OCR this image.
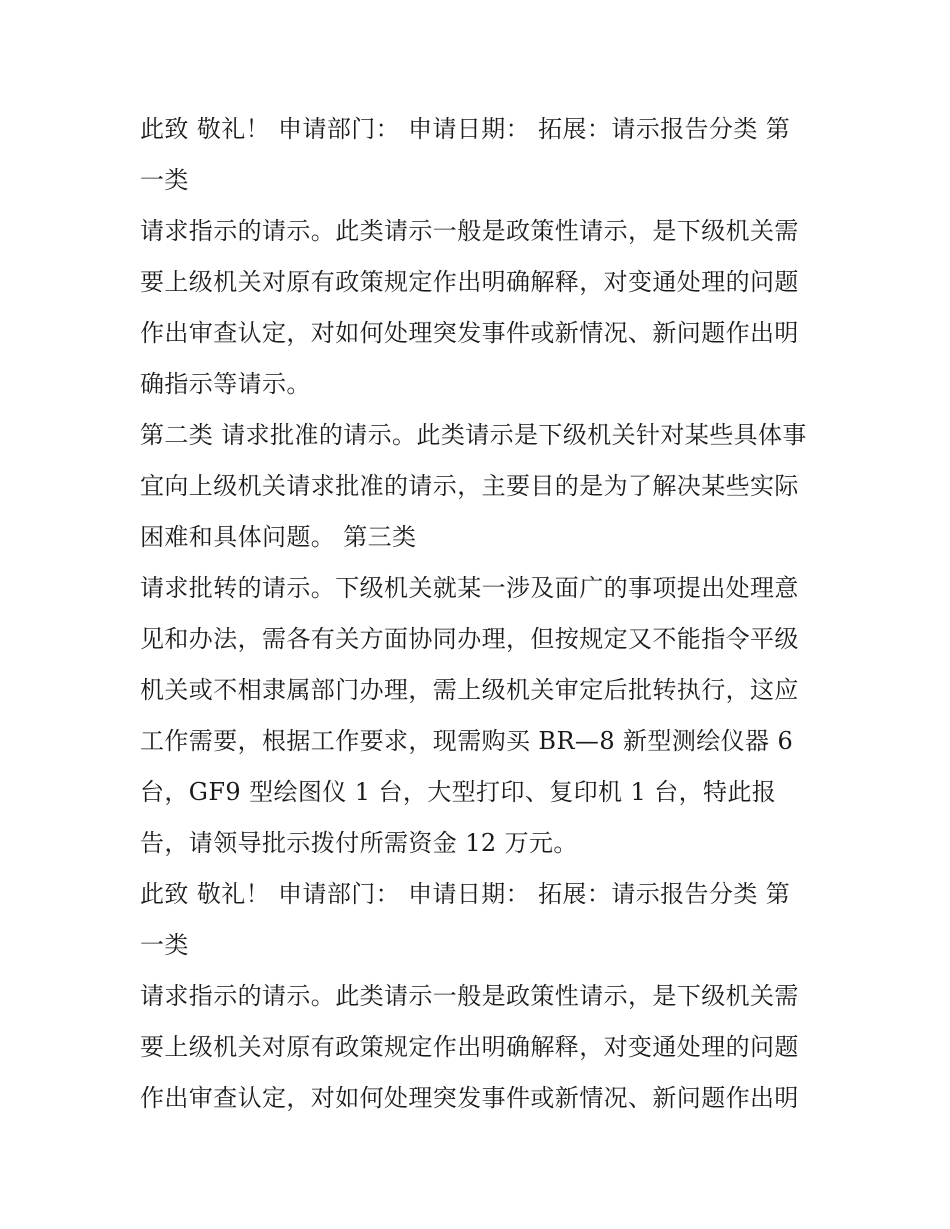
此致 敬礼！ 申请部门： 申请日期： 拓展：请示报告分类 第一类

请求指示的请示。此类请示一般是政策性请示，是下级机关需要上级机关对原有政策规定作出明确解释，对变通处理的问题作出审查认定，对如何处理突发事件或新情况、新问题作出明确指示等请示。

第二类 请求批准的请示。此类请示是下级机关针对某些具体事宜向上级机关请求批准的请示，主要目的是为了解决某些实际困难和具体问题。 第三类

请求批转的请示。下级机关就某一涉及面广的事项提出处理意见和办法，需各有关方面协同办理，但按规定又不能指令平级机关或不相隶属部门办理，需上级机关审定后批转执行，这应工作需要，根据工作要求，现需购买 BR—8 新型测绘仪器 6 台，GF9 型绘图仪 1 台，大型打印、复印机 1 台，特此报告，请领导批示拨付所需资金 12 万元。

此致 敬礼！ 申请部门： 申请日期： 拓展：请示报告分类 第一类

请求指示的请示。此类请示一般是政策性请示，是下级机关需要上级机关对原有政策规定作出明确解释，对变通处理的问题作出审查认定，对如何处理突发事件或新情况、新问题作出明
